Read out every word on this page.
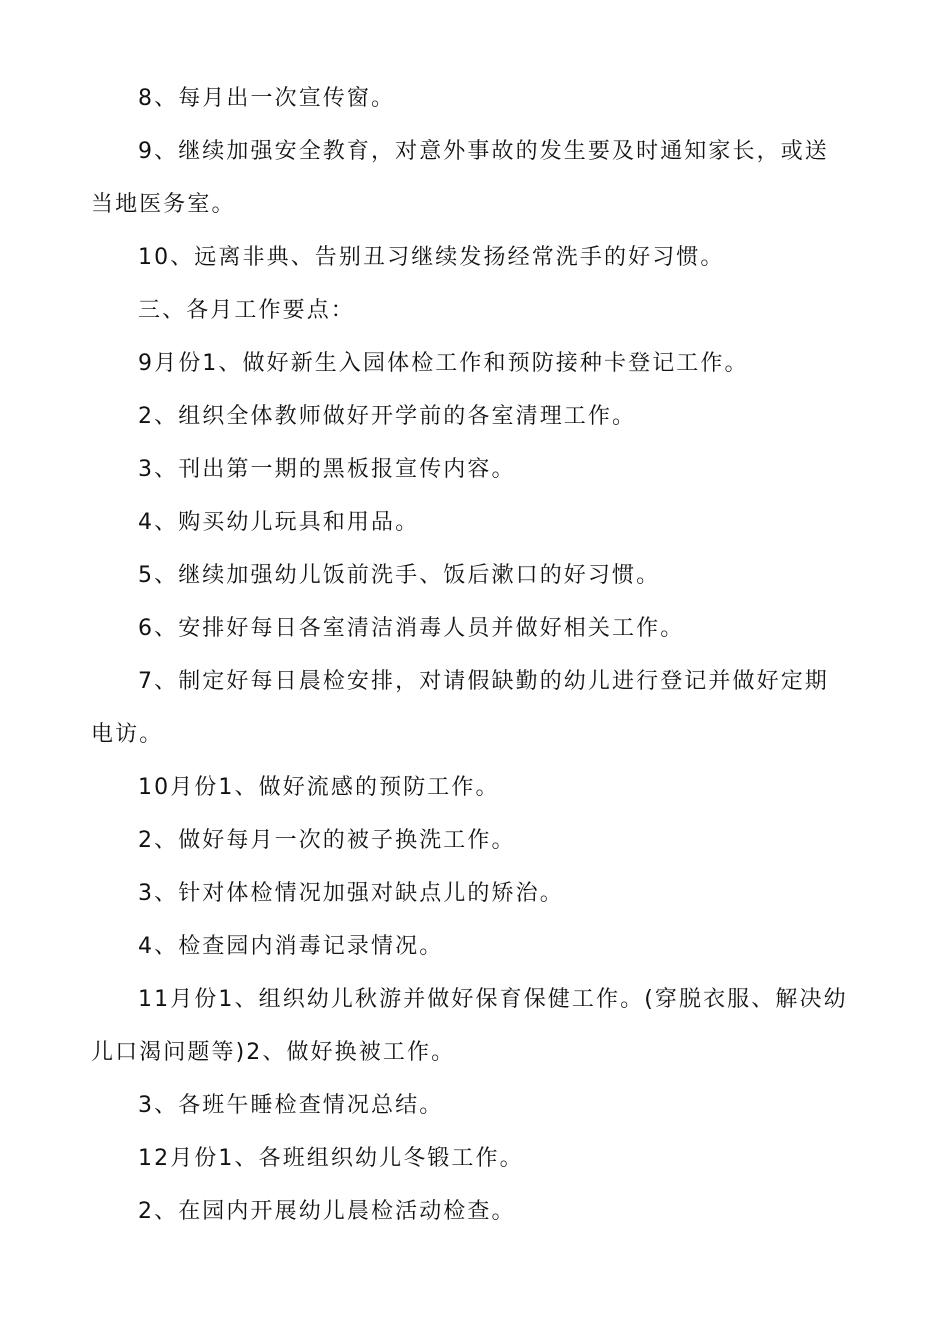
8、每月出一次宣传窗。

9、继续加强安全教育，对意外事故的发生要及时通知家长，或送当地医务室。

10、远离非典、告别丑习继续发扬经常洗手的好习惯。

三、各月工作要点：

9月份1、做好新生入园体检工作和预防接种卡登记工作。

2、组织全体教师做好开学前的各室清理工作。

3、刊出第一期的黑板报宣传内容。

4、购买幼儿玩具和用品。

5、继续加强幼儿饭前洗手、饭后漱口的好习惯。

6、安排好每日各室清洁消毒人员并做好相关工作。

7、制定好每日晨检安排，对请假缺勤的幼儿进行登记并做好定期电访。

10月份1、做好流感的预防工作。

2、做好每月一次的被子换洗工作。

3、针对体检情况加强对缺点儿的矫治。

4、检查园内消毒记录情况。

11月份1、组织幼儿秋游并做好保育保健工作。(穿脱衣服、解决幼儿口渴问题等)2、做好换被工作。

3、各班午睡检查情况总结。

12月份1、各班组织幼儿冬锻工作。

2、在园内开展幼儿晨检活动检查。
